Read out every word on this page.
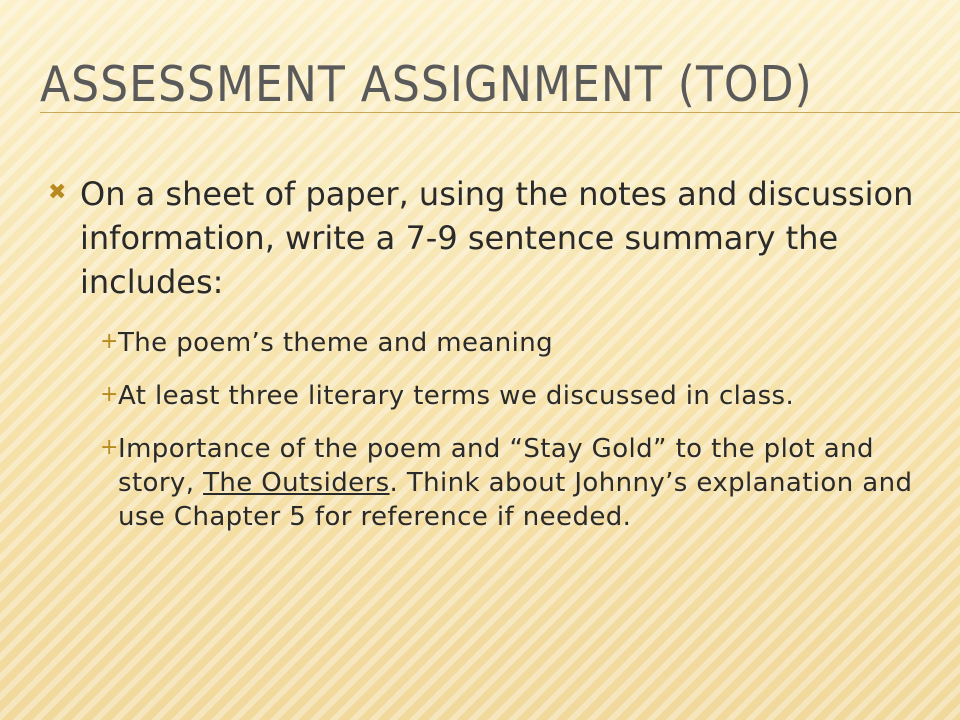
ASSESSMENT ASSIGNMENT (TOD)
✖ On a sheet of paper, using the notes and discussion information, write a 7-9 sentence summary the includes:
+ The poem’s theme and meaning
+ At least three literary terms we discussed in class.
+ Importance of the poem and “Stay Gold” to the plot and story, The Outsiders. Think about Johnny’s explanation and use Chapter 5 for reference if needed.
